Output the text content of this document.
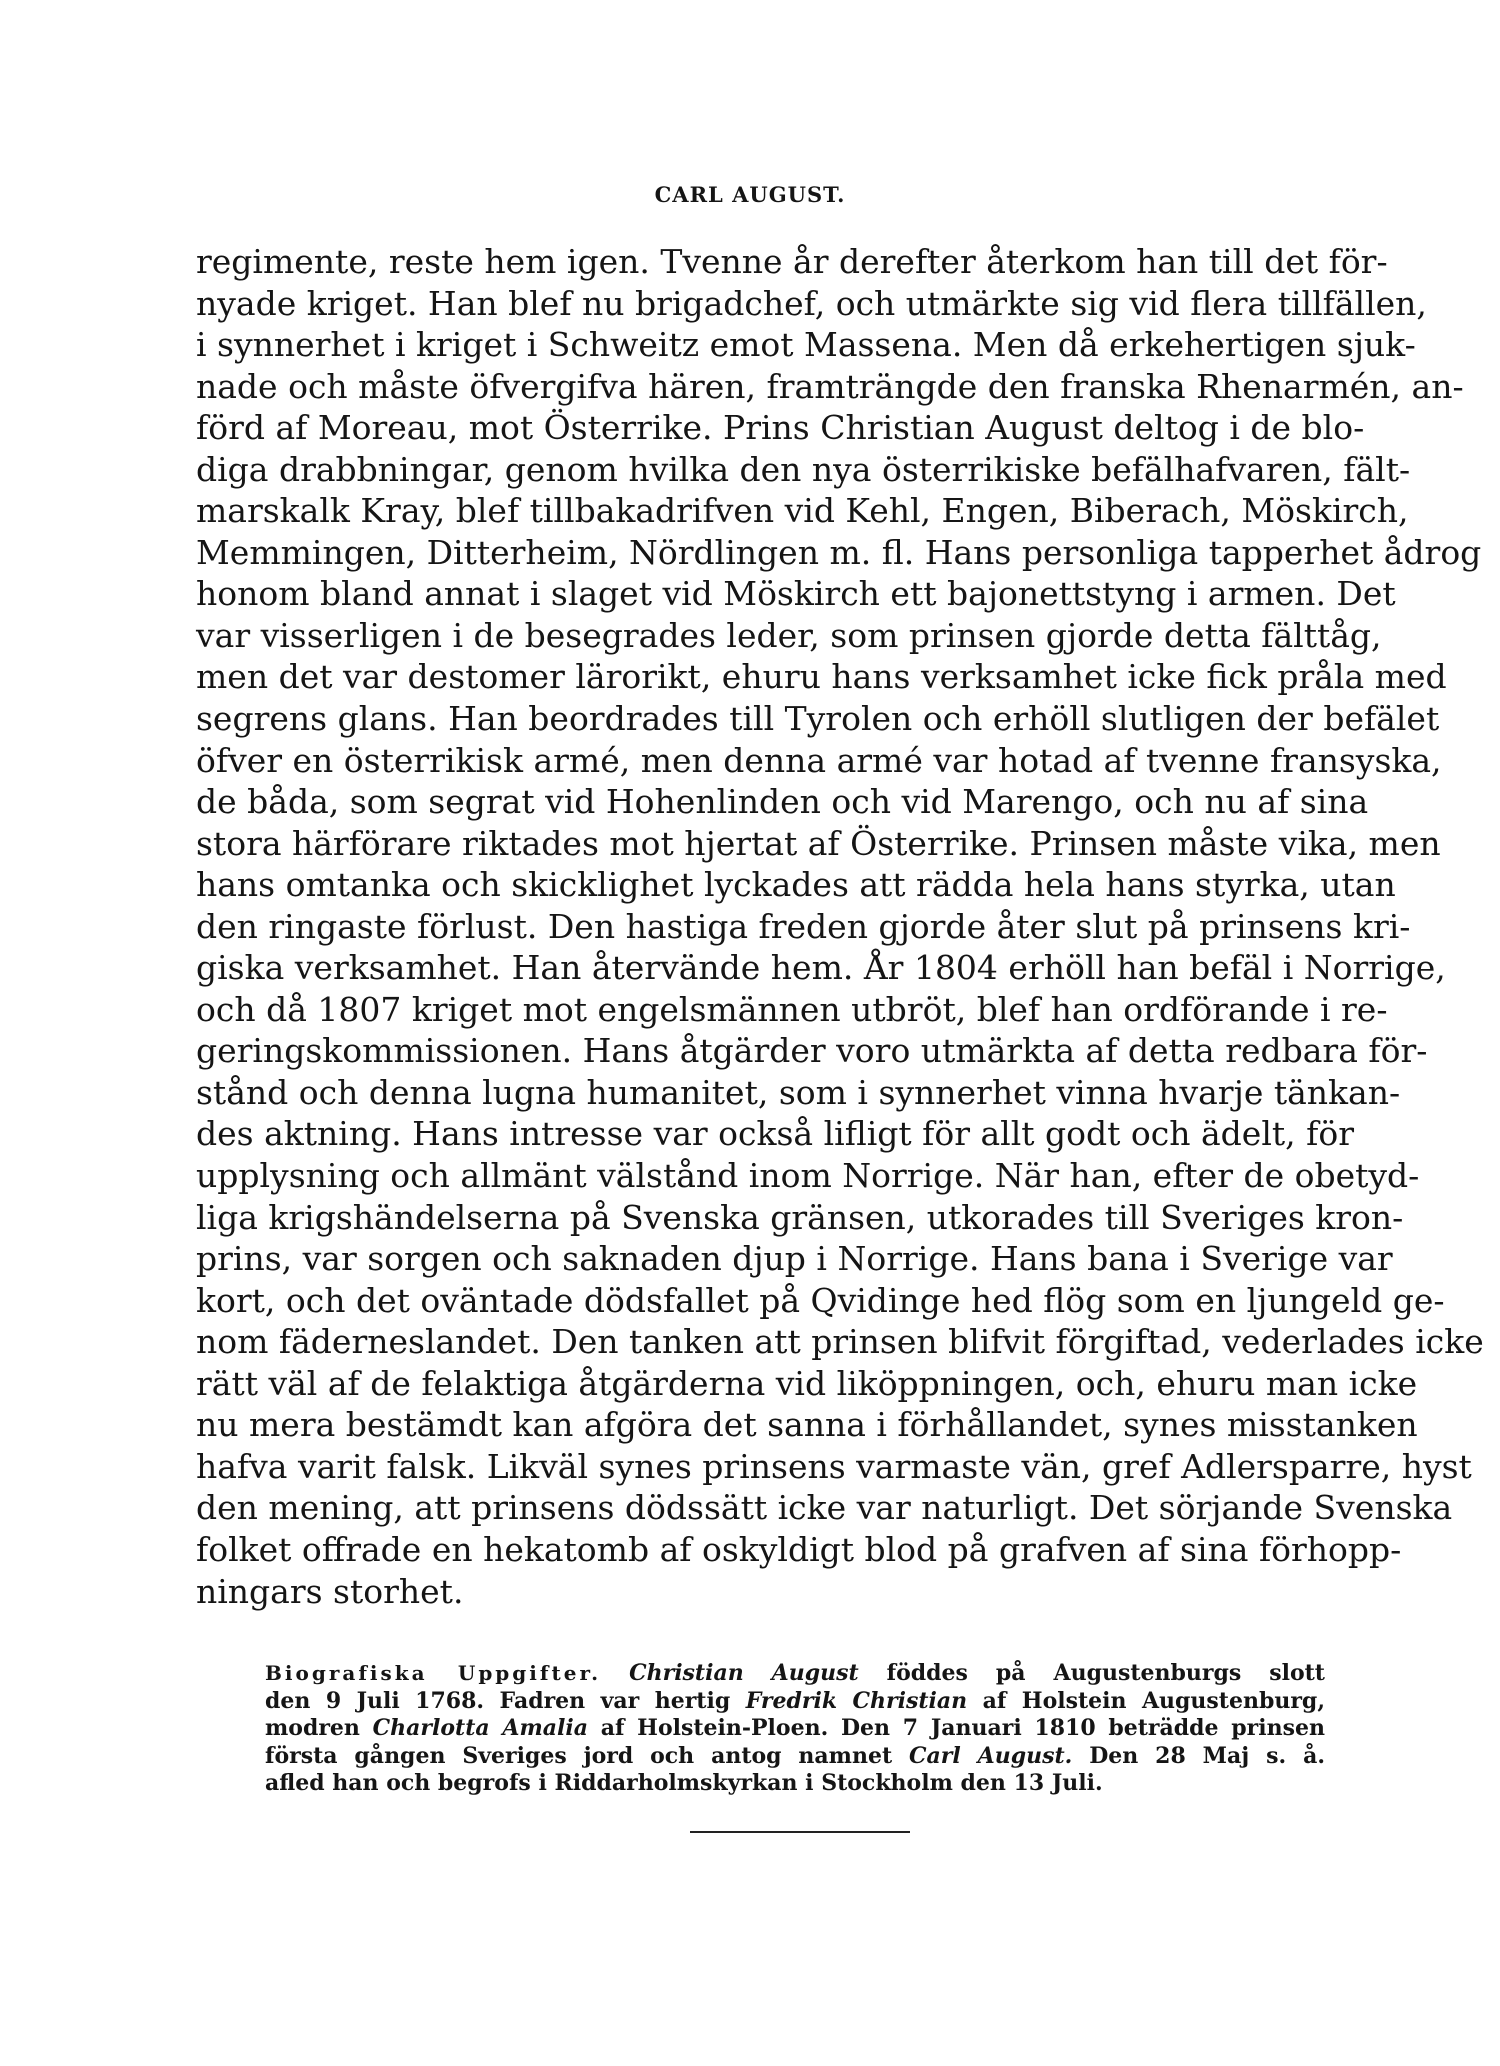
CARL AUGUST.
regimente, reste hem igen. Tvenne år derefter återkom han till det för-
nyade kriget. Han blef nu brigadchef, och utmärkte sig vid flera tillfällen,
i synnerhet i kriget i Schweitz emot Massena. Men då erkehertigen sjuk-
nade och måste öfvergifva hären, framträngde den franska Rhenarmén, an-
förd af Moreau, mot Österrike. Prins Christian August deltog i de blo-
diga drabbningar, genom hvilka den nya österrikiske befälhafvaren, fält-
marskalk Kray, blef tillbakadrifven vid Kehl, Engen, Biberach, Möskirch,
Memmingen, Ditterheim, Nördlingen m. fl. Hans personliga tapperhet ådrog
honom bland annat i slaget vid Möskirch ett bajonettstyng i armen. Det
var visserligen i de besegrades leder, som prinsen gjorde detta fälttåg,
men det var destomer lärorikt, ehuru hans verksamhet icke fick pråla med
segrens glans. Han beordrades till Tyrolen och erhöll slutligen der befälet
öfver en österrikisk armé, men denna armé var hotad af tvenne fransyska,
de båda, som segrat vid Hohenlinden och vid Marengo, och nu af sina
stora härförare riktades mot hjertat af Österrike. Prinsen måste vika, men
hans omtanka och skicklighet lyckades att rädda hela hans styrka, utan
den ringaste förlust. Den hastiga freden gjorde åter slut på prinsens kri-
giska verksamhet. Han återvände hem. År 1804 erhöll han befäl i Norrige,
och då 1807 kriget mot engelsmännen utbröt, blef han ordförande i re-
geringskommissionen. Hans åtgärder voro utmärkta af detta redbara för-
stånd och denna lugna humanitet, som i synnerhet vinna hvarje tänkan-
des aktning. Hans intresse var också lifligt för allt godt och ädelt, för
upplysning och allmänt välstånd inom Norrige. När han, efter de obetyd-
liga krigshändelserna på Svenska gränsen, utkorades till Sveriges kron-
prins, var sorgen och saknaden djup i Norrige. Hans bana i Sverige var
kort, och det oväntade dödsfallet på Qvidinge hed flög som en ljungeld ge-
nom fäderneslandet. Den tanken att prinsen blifvit förgiftad, vederlades icke
rätt väl af de felaktiga åtgärderna vid liköppningen, och, ehuru man icke
nu mera bestämdt kan afgöra det sanna i förhållandet, synes misstanken
hafva varit falsk. Likväl synes prinsens varmaste vän, gref Adlersparre, hyst
den mening, att prinsens dödssätt icke var naturligt. Det sörjande Svenska
folket offrade en hekatomb af oskyldigt blod på grafven af sina förhopp-
ningars storhet.
Biografiska Uppgifter. Christian August föddes på Augustenburgs slott
den 9 Juli 1768. Fadren var hertig Fredrik Christian af Holstein Augustenburg,
modren Charlotta Amalia af Holstein-Ploen. Den 7 Januari 1810 beträdde prinsen
första gången Sveriges jord och antog namnet Carl August. Den 28 Maj s. å.
afled han och begrofs i Riddarholmskyrkan i Stockholm den 13 Juli.
